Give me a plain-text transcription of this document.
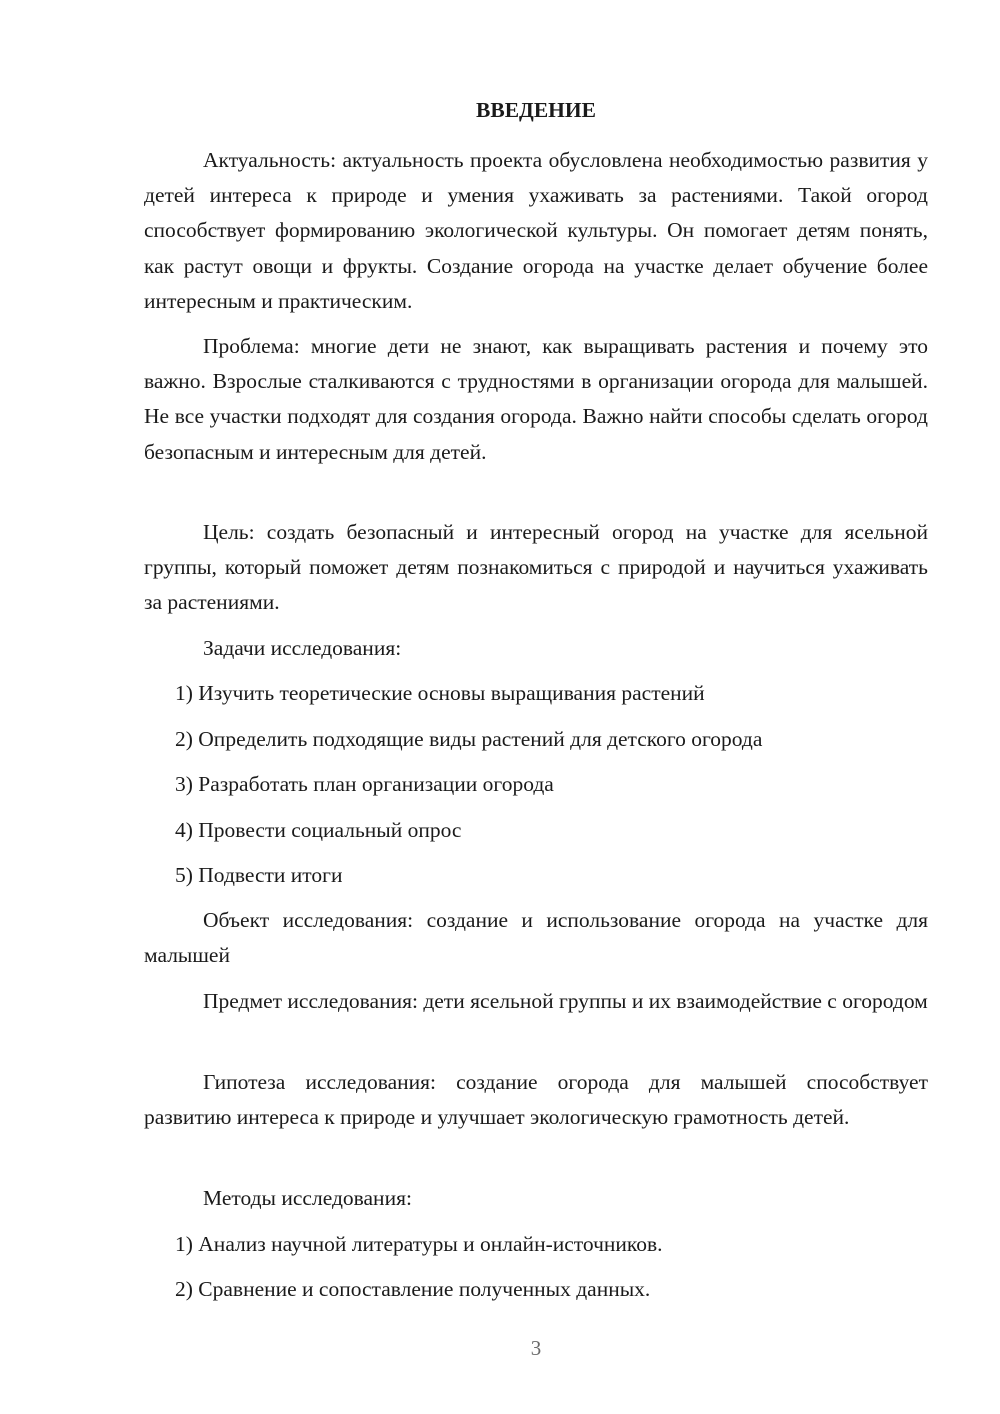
ВВЕДЕНИЕ

Актуальность: актуальность проекта обусловлена необходимостью развития у детей интереса к природе и умения ухаживать за растениями. Такой огород способствует формированию экологической культуры. Он помогает детям понять, как растут овощи и фрукты. Создание огорода на участке делает обучение более интересным и практическим.

Проблема: многие дети не знают, как выращивать растения и почему это важно. Взрослые сталкиваются с трудностями в организации огорода для малышей. Не все участки подходят для создания огорода. Важно найти способы сделать огород безопасным и интересным для детей.

Цель: создать безопасный и интересный огород на участке для ясельной группы, который поможет детям познакомиться с природой и научиться ухаживать за растениями.

Задачи исследования:
1) Изучить теоретические основы выращивания растений
2) Определить подходящие виды растений для детского огорода
3) Разработать план организации огорода
4) Провести социальный опрос
5) Подвести итоги

Объект исследования: создание и использование огорода на участке для малышей

Предмет исследования: дети ясельной группы и их взаимодействие с огородом

Гипотеза исследования: создание огорода для малышей способствует развитию интереса к природе и улучшает экологическую грамотность детей.

Методы исследования:
1) Анализ научной литературы и онлайн-источников.
2) Сравнение и сопоставление полученных данных.
3
